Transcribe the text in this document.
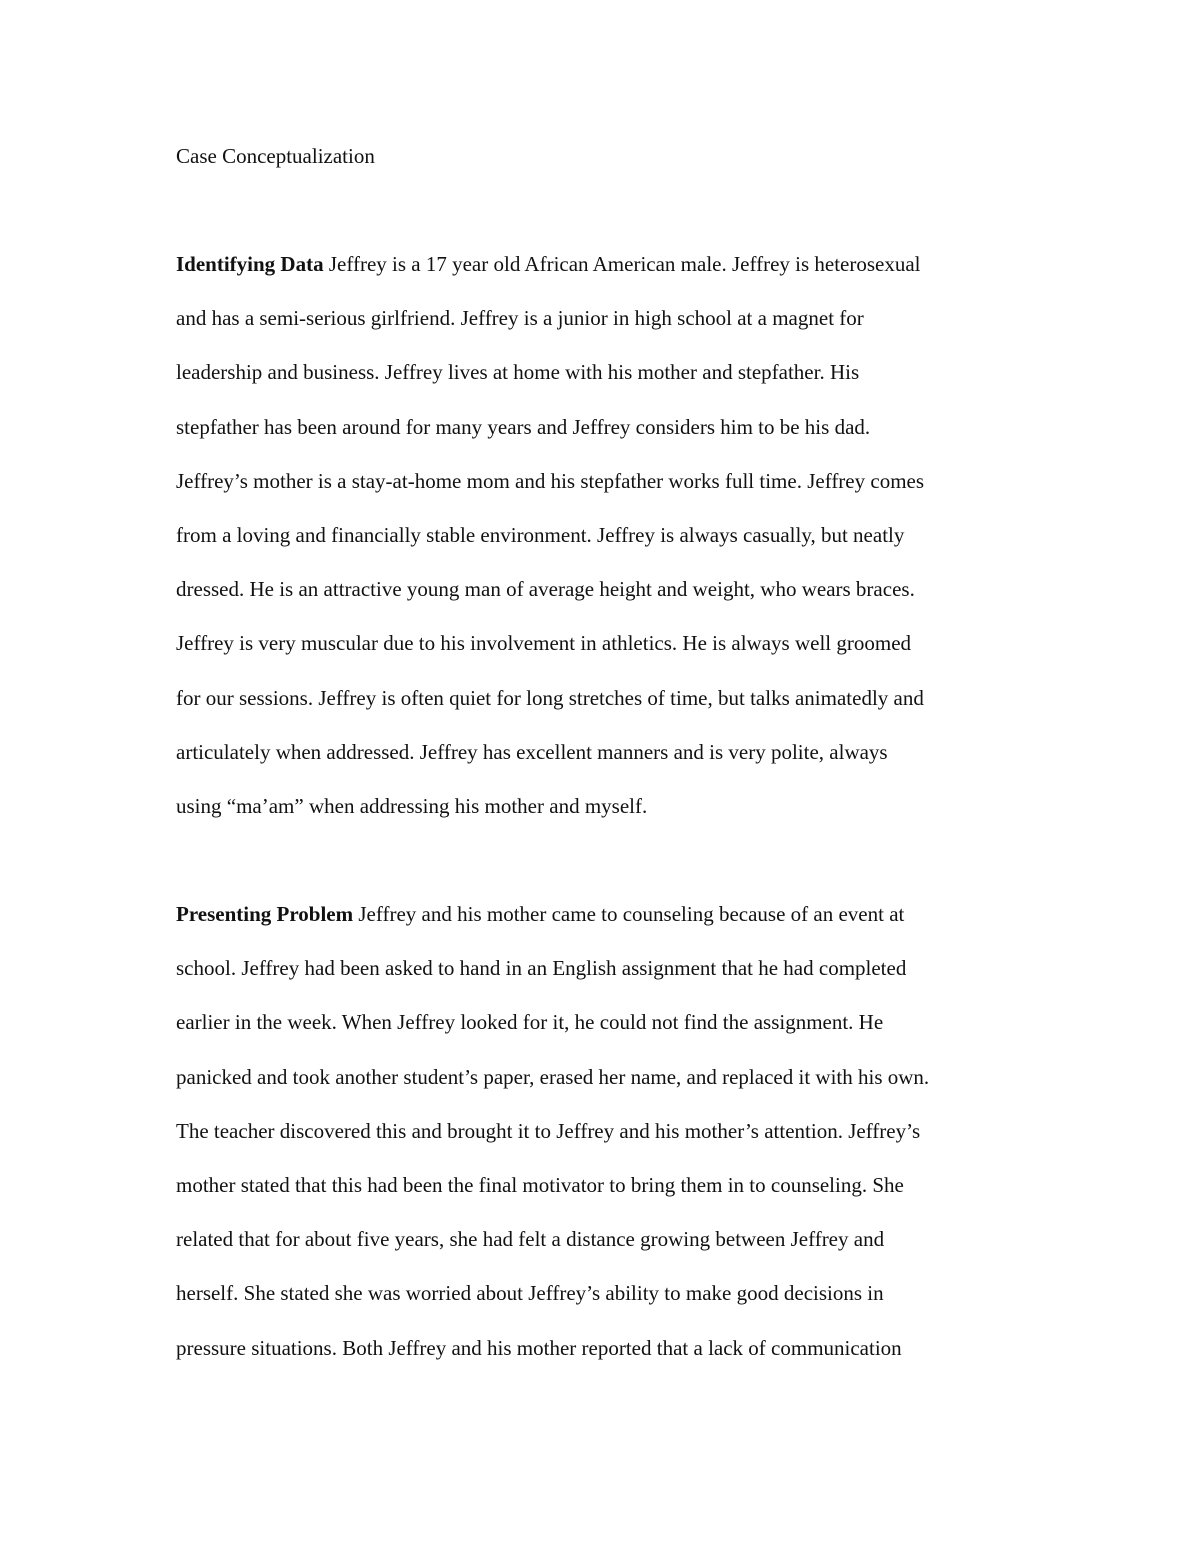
Case Conceptualization
Identifying Data Jeffrey is a 17 year old African American male. Jeffrey is heterosexual
and has a semi-serious girlfriend. Jeffrey is a junior in high school at a magnet for
leadership and business. Jeffrey lives at home with his mother and stepfather. His
stepfather has been around for many years and Jeffrey considers him to be his dad.
Jeffrey’s mother is a stay-at-home mom and his stepfather works full time. Jeffrey comes
from a loving and financially stable environment. Jeffrey is always casually, but neatly
dressed. He is an attractive young man of average height and weight, who wears braces.
Jeffrey is very muscular due to his involvement in athletics. He is always well groomed
for our sessions. Jeffrey is often quiet for long stretches of time, but talks animatedly and
articulately when addressed. Jeffrey has excellent manners and is very polite, always
using “ma’am” when addressing his mother and myself.
Presenting Problem Jeffrey and his mother came to counseling because of an event at
school. Jeffrey had been asked to hand in an English assignment that he had completed
earlier in the week. When Jeffrey looked for it, he could not find the assignment. He
panicked and took another student’s paper, erased her name, and replaced it with his own.
The teacher discovered this and brought it to Jeffrey and his mother’s attention. Jeffrey’s
mother stated that this had been the final motivator to bring them in to counseling. She
related that for about five years, she had felt a distance growing between Jeffrey and
herself. She stated she was worried about Jeffrey’s ability to make good decisions in
pressure situations. Both Jeffrey and his mother reported that a lack of communication
